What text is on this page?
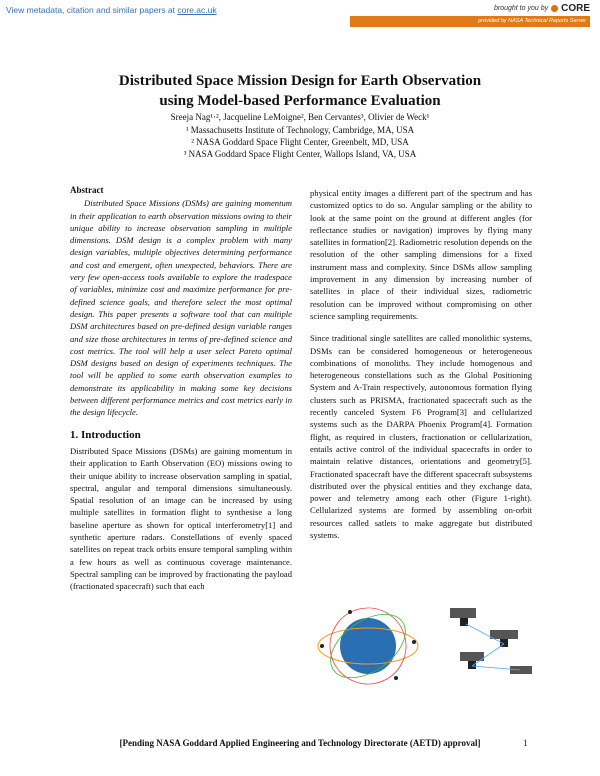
View metadata, citation and similar papers at core.ac.uk	brought to you by CORE
provided by NASA Technical Reports Server
Distributed Space Mission Design for Earth Observation
using Model-based Performance Evaluation
Sreeja Nag¹·², Jacqueline LeMoigne², Ben Cervantes³, Olivier de Weck¹
¹ Massachusetts Institute of Technology, Cambridge, MA, USA
² NASA Goddard Space Flight Center, Greenbelt, MD, USA
³ NASA Goddard Space Flight Center, Wallops Island, VA, USA
Abstract

Distributed Space Missions (DSMs) are gaining momentum in their application to earth observation missions owing to their unique ability to increase observation sampling in multiple dimensions. DSM design is a complex problem with many design variables, multiple objectives determining performance and cost and emergent, often unexpected, behaviors. There are very few open-access tools available to explore the tradespace of variables, minimize cost and maximize performance for pre-defined science goals, and therefore select the most optimal design. This paper presents a software tool that can multiple DSM architectures based on pre-defined design variable ranges and size those architectures in terms of pre-defined science and cost metrics. The tool will help a user select Pareto optimal DSM designs based on design of experiments techniques. The tool will be applied to some earth observation examples to demonstrate its applicability in making some key decisions between different performance metrics and cost metrics early in the design lifecycle.

1. Introduction

Distributed Space Missions (DSMs) are gaining momentum in their application to Earth Observation (EO) missions owing to their unique ability to increase observation sampling in spatial, spectral, angular and temporal dimensions simultaneously. Spatial resolution of an image can be increased by using multiple satellites in formation flight to synthesise a long baseline aperture as shown for optical interferometry[1] and synthetic aperture radars. Constellations of evenly spaced satellites on repeat track orbits ensure temporal sampling within a few hours as well as continuous coverage maintenance. Spectral sampling can be improved by fractionating the payload (fractionated spacecraft) such that each

physical entity images a different part of the spectrum and has customized optics to do so. Angular sampling or the ability to look at the same point on the ground at different angles (for reflectance studies or navigation) improves by flying many satellites in formation[2]. Radiometric resolution depends on the resolution of the other sampling dimensions for a fixed instrument mass and complexity. Since DSMs allow sampling improvement in any dimension by increasing number of satellites in place of their individual sizes, radiometric resolution can be improved without compromising on other science sampling requirements.

Since traditional single satellites are called monolithic systems, DSMs can be considered homogeneous or heterogeneous combinations of monoliths. They include homogenous and heterogeneous constellations such as the Global Positioning System and A-Train respectively, autonomous formation flying clusters such as PRISMA, fractionated spacecraft such as the recently canceled System F6 Program[3] and cellularized systems such as the DARPA Phoenix Program[4]. Formation flight, as required in clusters, fractionation or cellularization, entails active control of the individual spacecrafts in order to maintain relative distances, orientations and geometry[5]. Fractionated spacecraft have the different spacecraft subsystems distributed over the physical entities and they exchange data, power and telemetry among each other (Figure 1-right). Cellularized systems are formed by assembling on-orbit resources called satlets to make aggregate but distributed systems.

[Pending NASA Goddard Applied Engineering and Technology Directorate (AETD) approval]	1
